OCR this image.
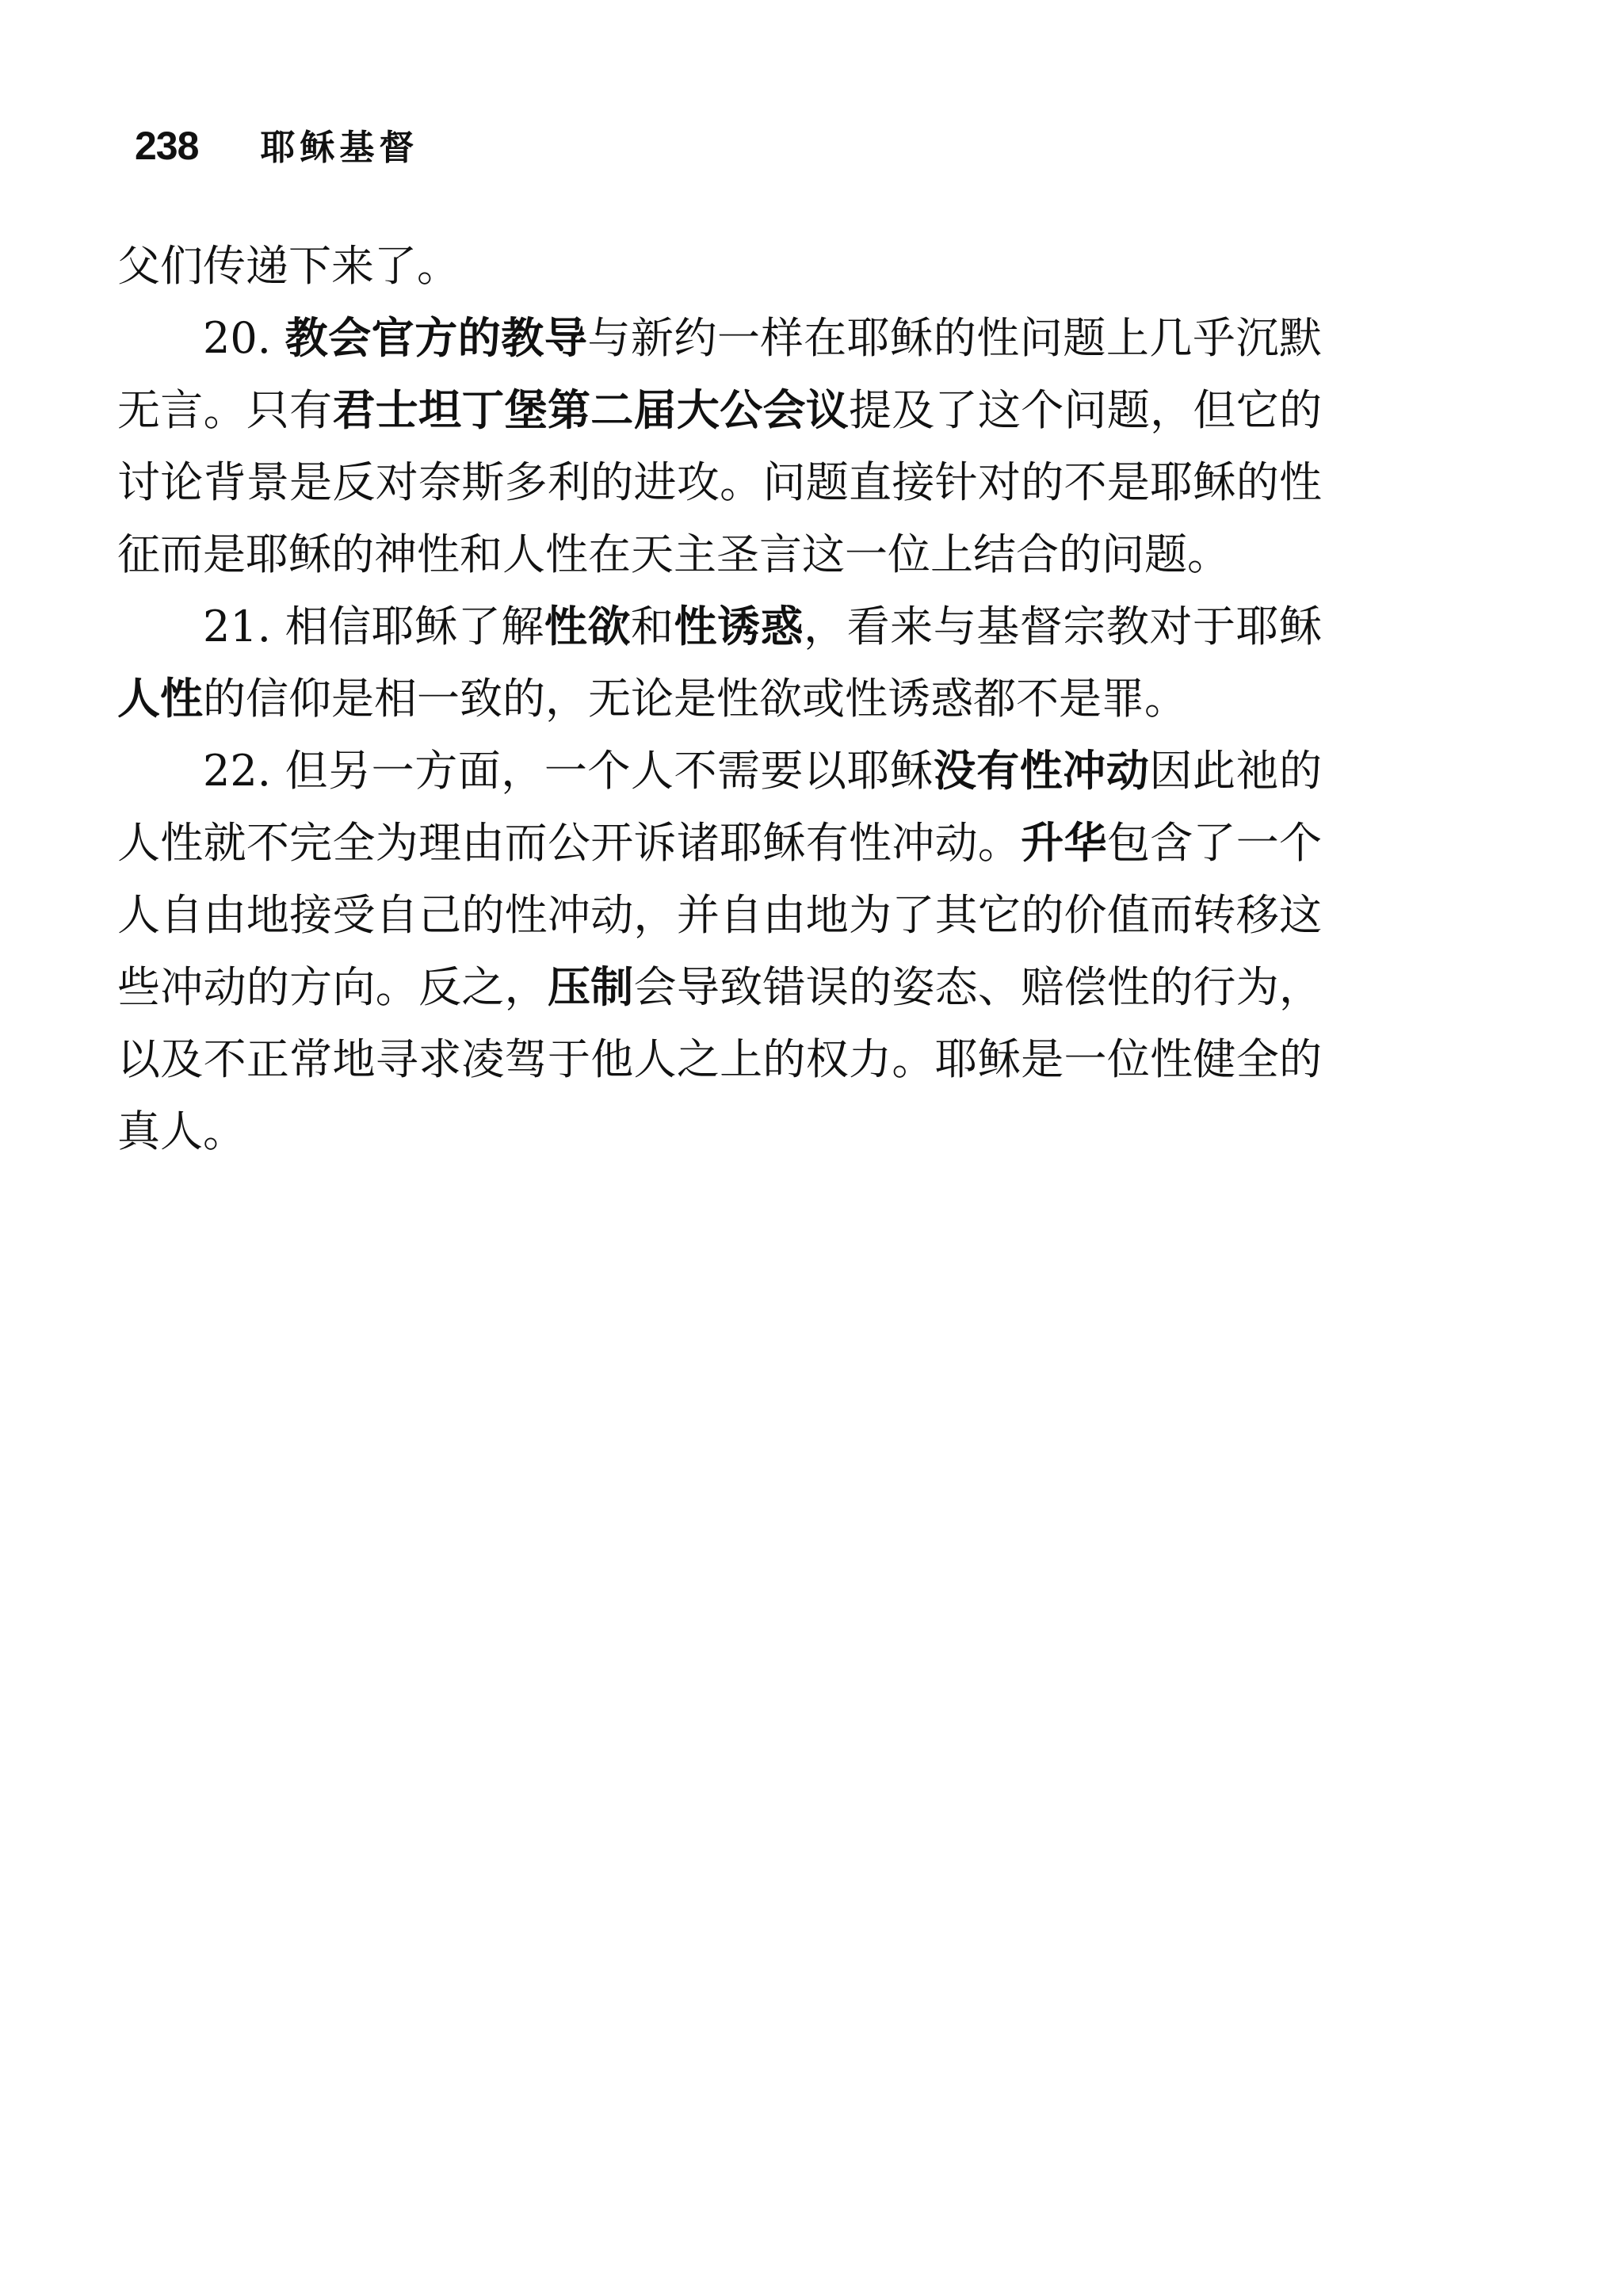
238 耶稣基督

父们传递下来了。

20. 教会官方的教导与新约一样在耶稣的性问题上几乎沉默无言。只有君士坦丁堡第二届大公会议提及了这个问题，但它的讨论背景是反对奈斯多利的进攻。问题直接针对的不是耶稣的性征而是耶稣的神性和人性在天主圣言这一位上结合的问题。

21. 相信耶稣了解性欲和性诱惑，看来与基督宗教对于耶稣人性的信仰是相一致的，无论是性欲或性诱惑都不是罪。

22. 但另一方面，一个人不需要以耶稣没有性冲动因此祂的人性就不完全为理由而公开诉诸耶稣有性冲动。升华包含了一个人自由地接受自己的性冲动，并自由地为了其它的价值而转移这些冲动的方向。反之，压制会导致错误的姿态、赔偿性的行为，以及不正常地寻求凌驾于他人之上的权力。耶稣是一位性健全的真人。
